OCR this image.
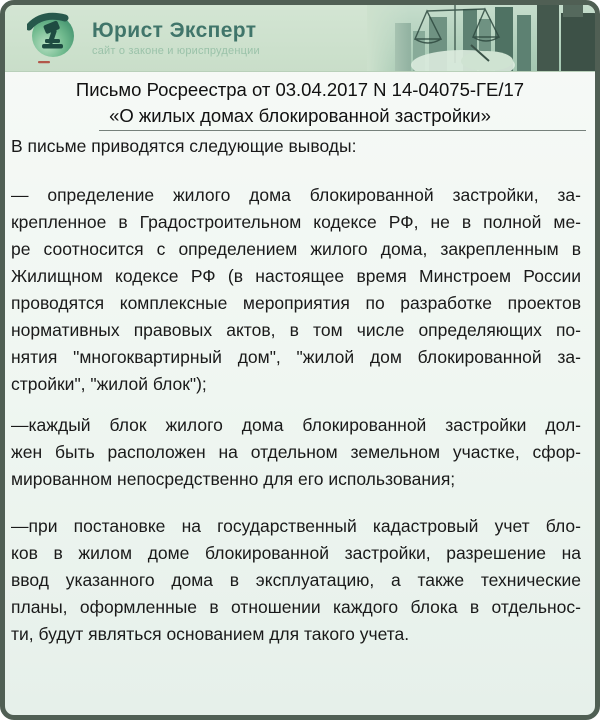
Юрист Эксперт
сайт о законе и юриспруденции
Письмо Росреестра от 03.04.2017 N 14-04075-ГЕ/17
«О жилых домах блокированной застройки»
В письме приводятся следующие выводы:
— определение жилого дома блокированной застройки, за-
крепленное в Градостроительном кодексе РФ, не в полной ме-
ре соотносится с определением жилого дома, закрепленным в
Жилищном кодексе РФ (в настоящее время Минстроем России
проводятся комплексные мероприятия по разработке проектов
нормативных правовых актов, в том числе определяющих по-
нятия "многоквартирный дом", "жилой дом блокированной за-
стройки", "жилой блок");
—каждый блок жилого дома блокированной застройки дол-
жен быть расположен на отдельном земельном участке, сфор-
мированном непосредственно для его использования;
—при постановке на государственный кадастровый учет бло-
ков в жилом доме блокированной застройки, разрешение на
ввод указанного дома в эксплуатацию, а также технические
планы, оформленные в отношении каждого блока в отдельнос-
ти, будут являться основанием для такого учета.
